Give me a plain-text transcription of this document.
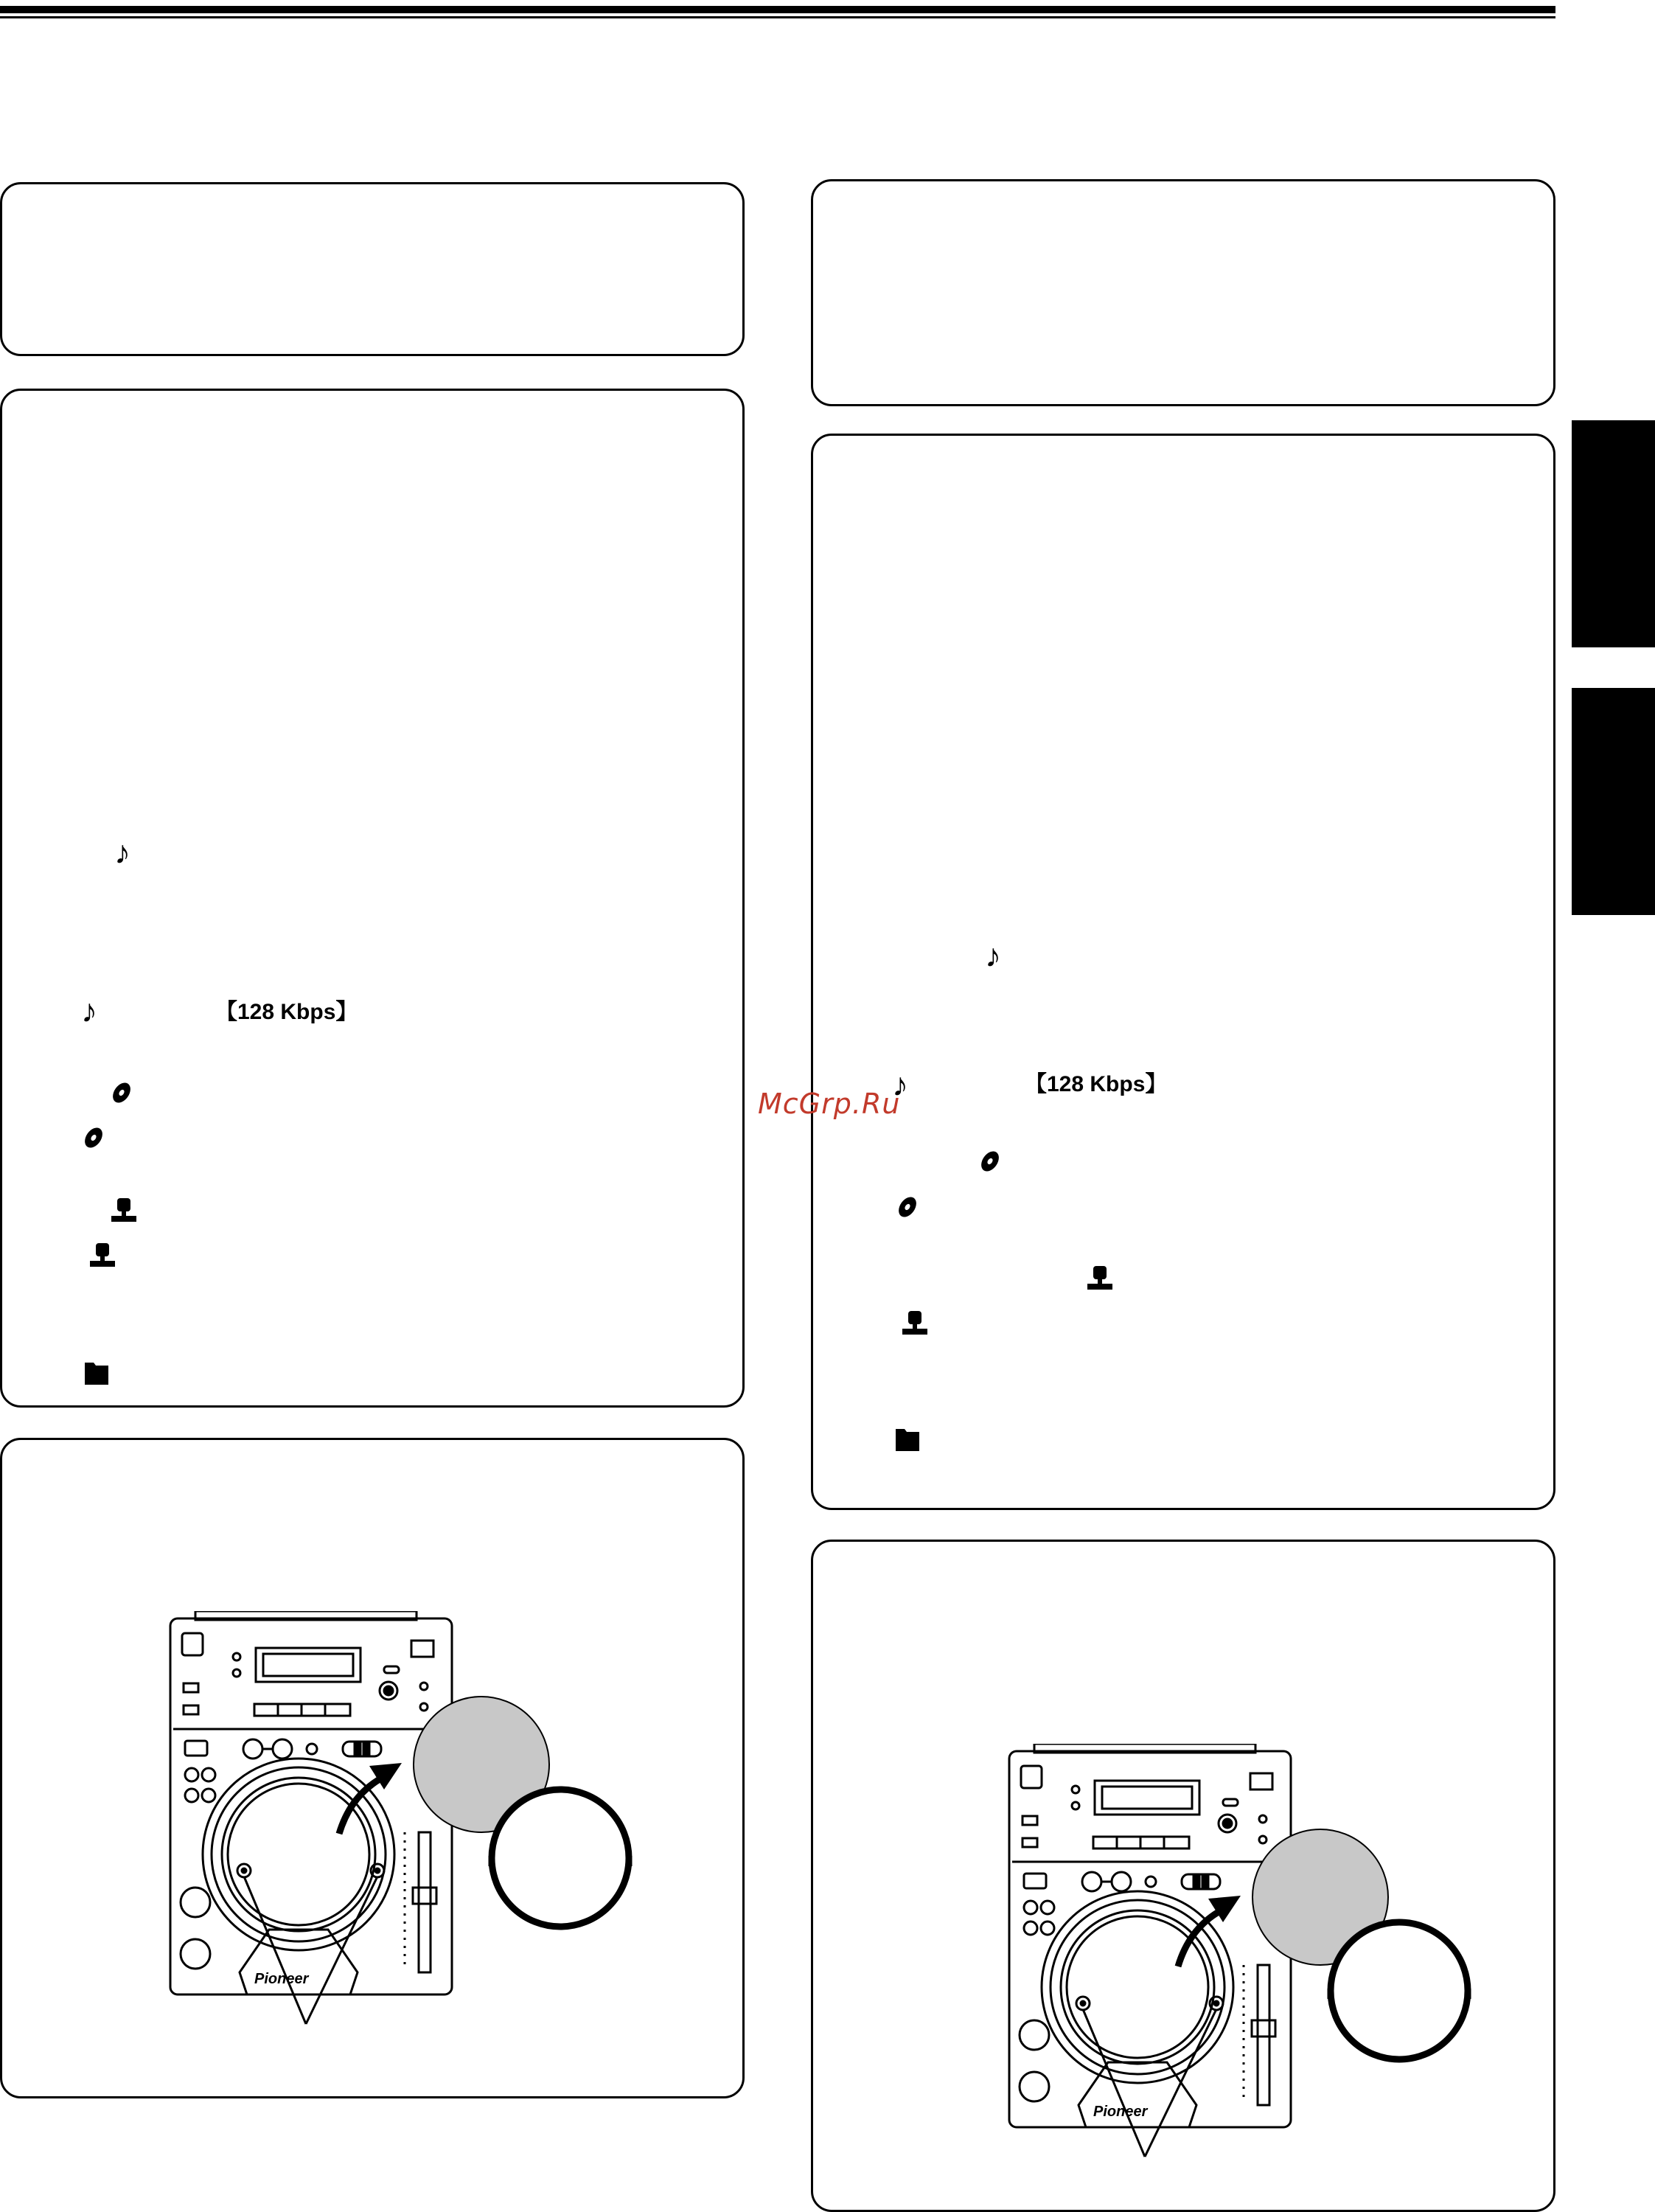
♪
♪	【128 Kbps】
♪
♪	【128 Kbps】
McGrp.Ru
Pioneer
Pioneer
